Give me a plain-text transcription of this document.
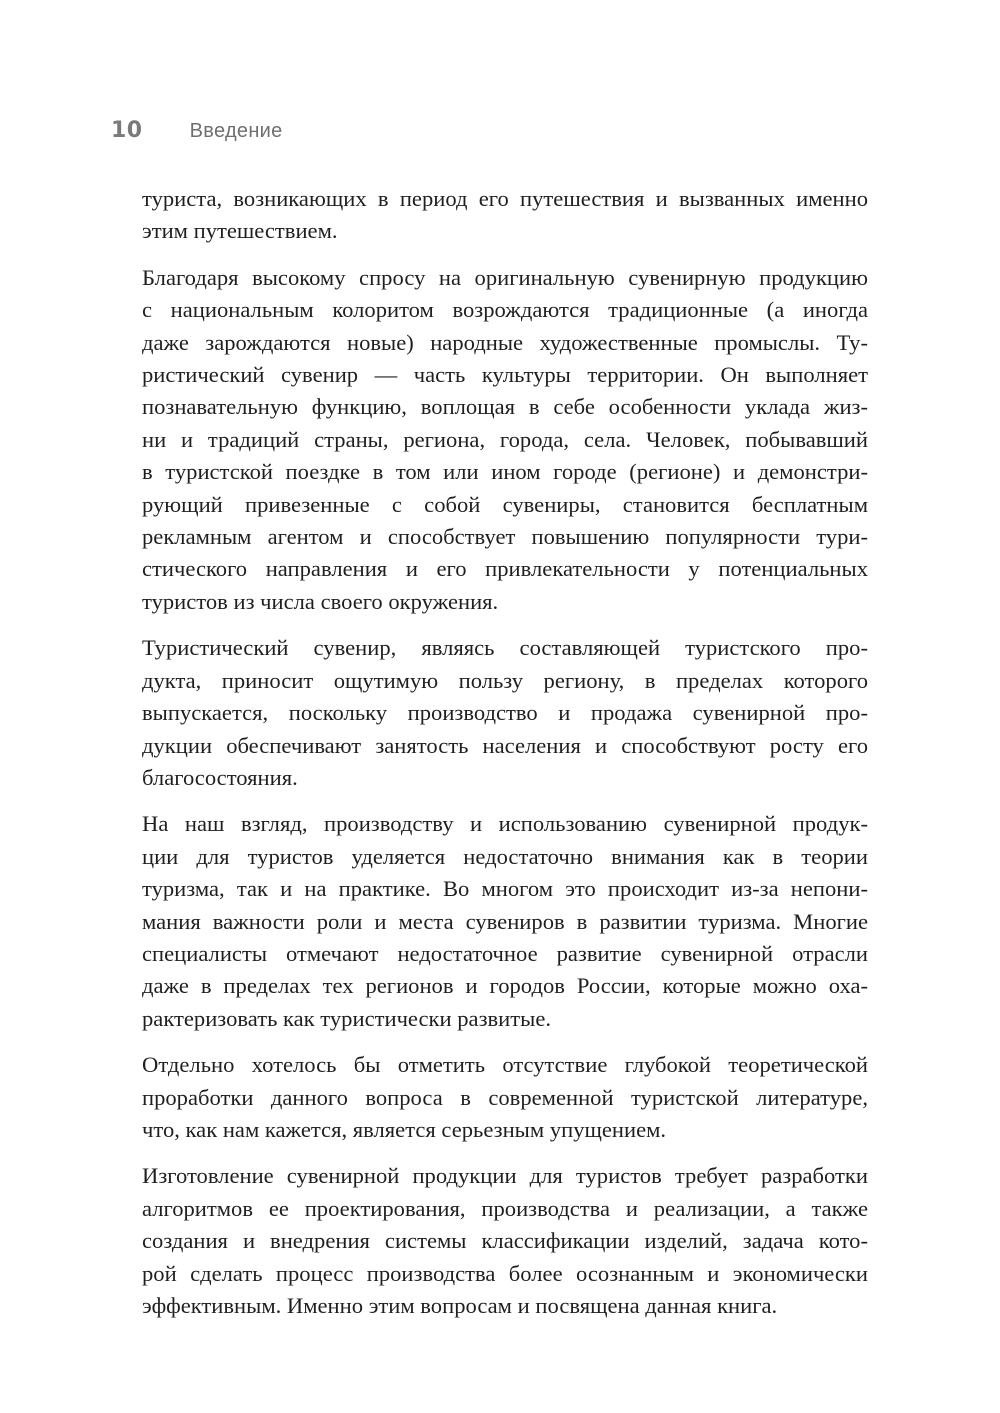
10 Введение
туриста, возникающих в период его путешествия и вызванных именно
этим путешествием.
Благодаря высокому спросу на оригинальную сувенирную продукцию
с национальным колоритом возрождаются традиционные (а иногда
даже зарождаются новые) народные художественные промыслы. Ту-
ристический сувенир — часть культуры территории. Он выполняет
познавательную функцию, воплощая в себе особенности уклада жиз-
ни и традиций страны, региона, города, села. Человек, побывавший
в туристской поездке в том или ином городе (регионе) и демонстри-
рующий привезенные с собой сувениры, становится бесплатным
рекламным агентом и способствует повышению популярности тури-
стического направления и его привлекательности у потенциальных
туристов из числа своего окружения.
Туристический сувенир, являясь составляющей туристского про-
дукта, приносит ощутимую пользу региону, в пределах которого
выпускается, поскольку производство и продажа сувенирной про-
дукции обеспечивают занятость населения и способствуют росту его
благосостояния.
На наш взгляд, производству и использованию сувенирной продук-
ции для туристов уделяется недостаточно внимания как в теории
туризма, так и на практике. Во многом это происходит из-за непони-
мания важности роли и места сувениров в развитии туризма. Многие
специалисты отмечают недостаточное развитие сувенирной отрасли
даже в пределах тех регионов и городов России, которые можно оха-
рактеризовать как туристически развитые.
Отдельно хотелось бы отметить отсутствие глубокой теоретической
проработки данного вопроса в современной туристской литературе,
что, как нам кажется, является серьезным упущением.
Изготовление сувенирной продукции для туристов требует разработки
алгоритмов ее проектирования, производства и реализации, а также
создания и внедрения системы классификации изделий, задача кото-
рой сделать процесс производства более осознанным и экономически
эффективным. Именно этим вопросам и посвящена данная книга.
